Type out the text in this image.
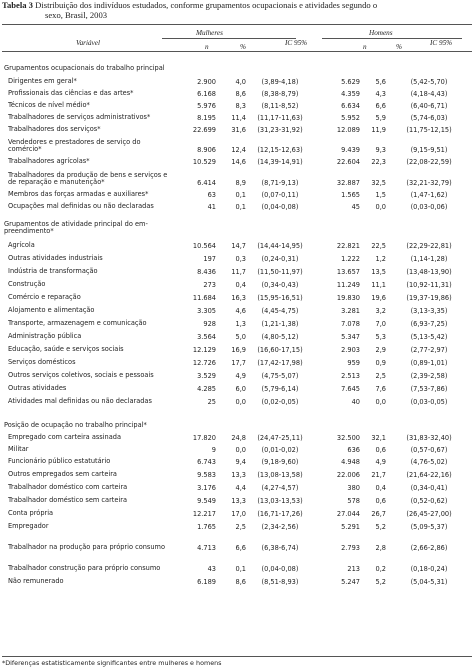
Tabela 3 Distribuição dos indivíduos estudados, conforme grupamentos ocupacionais e atividades segundo o
sexo, Brasil, 2003
Mulheres	Homens
Variável	n	%	IC 95%	n	%	IC 95%
Grupamentos ocupacionais do trabalho principal						
Dirigentes em geral*	2.900	4,0	(3,89-4,18)	5.629	5,6	(5,42-5,70)
Profissionais das ciências e das artes*	6.168	8,6	(8,38-8,79)	4.359	4,3	(4,18-4,43)
Técnicos de nível médio*	5.976	8,3	(8,11-8,52)	6.634	6,6	(6,40-6,71)
Trabalhadores de serviços administrativos*	8.195	11,4	(11,17-11,63)	5.952	5,9	(5,74-6,03)
Trabalhadores dos serviços*	22.699	31,6	(31,23-31,92)	12.089	11,9	(11,75-12,15)
Vendedores e prestadores de serviço do comércio*	8.906	12,4	(12,15-12,63)	9.439	9,3	(9,15-9,51)
Trabalhadores agrícolas*	10.529	14,6	(14,39-14,91)	22.604	22,3	(22,08-22,59)
Trabalhadores da produção de bens e serviços e de reparação e manutenção*	6.414	8,9	(8,71-9,13)	32.887	32,5	(32,21-32,79)
Membros das forças armadas e auxiliares*	63	0,1	(0,07-0,11)	1.565	1,5	(1,47-1,62)
Ocupações mal definidas ou não declaradas	41	0,1	(0,04-0,08)	45	0,0	(0,03-0,06)

Grupamentos de atividade principal do em-preendimento*						
Agrícola	10.564	14,7	(14,44-14,95)	22.821	22,5	(22,29-22,81)
Outras atividades industriais	197	0,3	(0,24-0,31)	1.222	1,2	(1,14-1,28)
Indústria de transformação	8.436	11,7	(11,50-11,97)	13.657	13,5	(13,48-13,90)
Construção	273	0,4	(0,34-0,43)	11.249	11,1	(10,92-11,31)
Comércio e reparação	11.684	16,3	(15,95-16,51)	19.830	19,6	(19,37-19,86)
Alojamento e alimentação	3.305	4,6	(4,45-4,75)	3.281	3,2	(3,13-3,35)
Transporte, armazenagem e comunicação	928	1,3	(1,21-1,38)	7.078	7,0	(6,93-7,25)
Administração pública	3.564	5,0	(4,80-5,12)	5.347	5,3	(5,13-5,42)
Educação, saúde e serviços sociais	12.129	16,9	(16,60-17,15)	2.903	2,9	(2,77-2,97)
Serviços domésticos	12.726	17,7	(17,42-17,98)	959	0,9	(0,89-1,01)
Outros serviços coletivos, sociais e pessoais	3.529	4,9	(4,75-5,07)	2.513	2,5	(2,39-2,58)
Outras atividades	4.285	6,0	(5,79-6,14)	7.645	7,6	(7,53-7,86)
Atividades mal definidas ou não declaradas	25	0,0	(0,02-0,05)	40	0,0	(0,03-0,05)

Posição de ocupação no trabalho principal*						
Empregado com carteira assinada	17.820	24,8	(24,47-25,11)	32.500	32,1	(31,83-32,40)
Militar	9	0,0	(0,01-0,02)	636	0,6	(0,57-0,67)
Funcionário público estatutário	6.743	9,4	(9,18-9,60)	4.948	4,9	(4,76-5,02)
Outros empregados sem carteira	9.583	13,3	(13,08-13,58)	22.006	21,7	(21,64-22,16)
Trabalhador doméstico com carteira	3.176	4,4	(4,27-4,57)	380	0,4	(0,34-0,41)
Trabalhador doméstico sem carteira	9.549	13,3	(13,03-13,53)	578	0,6	(0,52-0,62)
Conta própria	12.217	17,0	(16,71-17,26)	27.044	26,7	(26,45-27,00)
Empregador	1.765	2,5	(2,34-2,56)	5.291	5,2	(5,09-5,37)
Trabalhador na produção para próprio consumo	4.713	6,6	(6,38-6,74)	2.793	2,8	(2,66-2,86)
Trabalhador construção para próprio consumo	43	0,1	(0,04-0,08)	213	0,2	(0,18-0,24)
Não remunerado	6.189	8,6	(8,51-8,93)	5.247	5,2	(5,04-5,31)
*Diferenças estatisticamente significantes entre mulheres e homens
